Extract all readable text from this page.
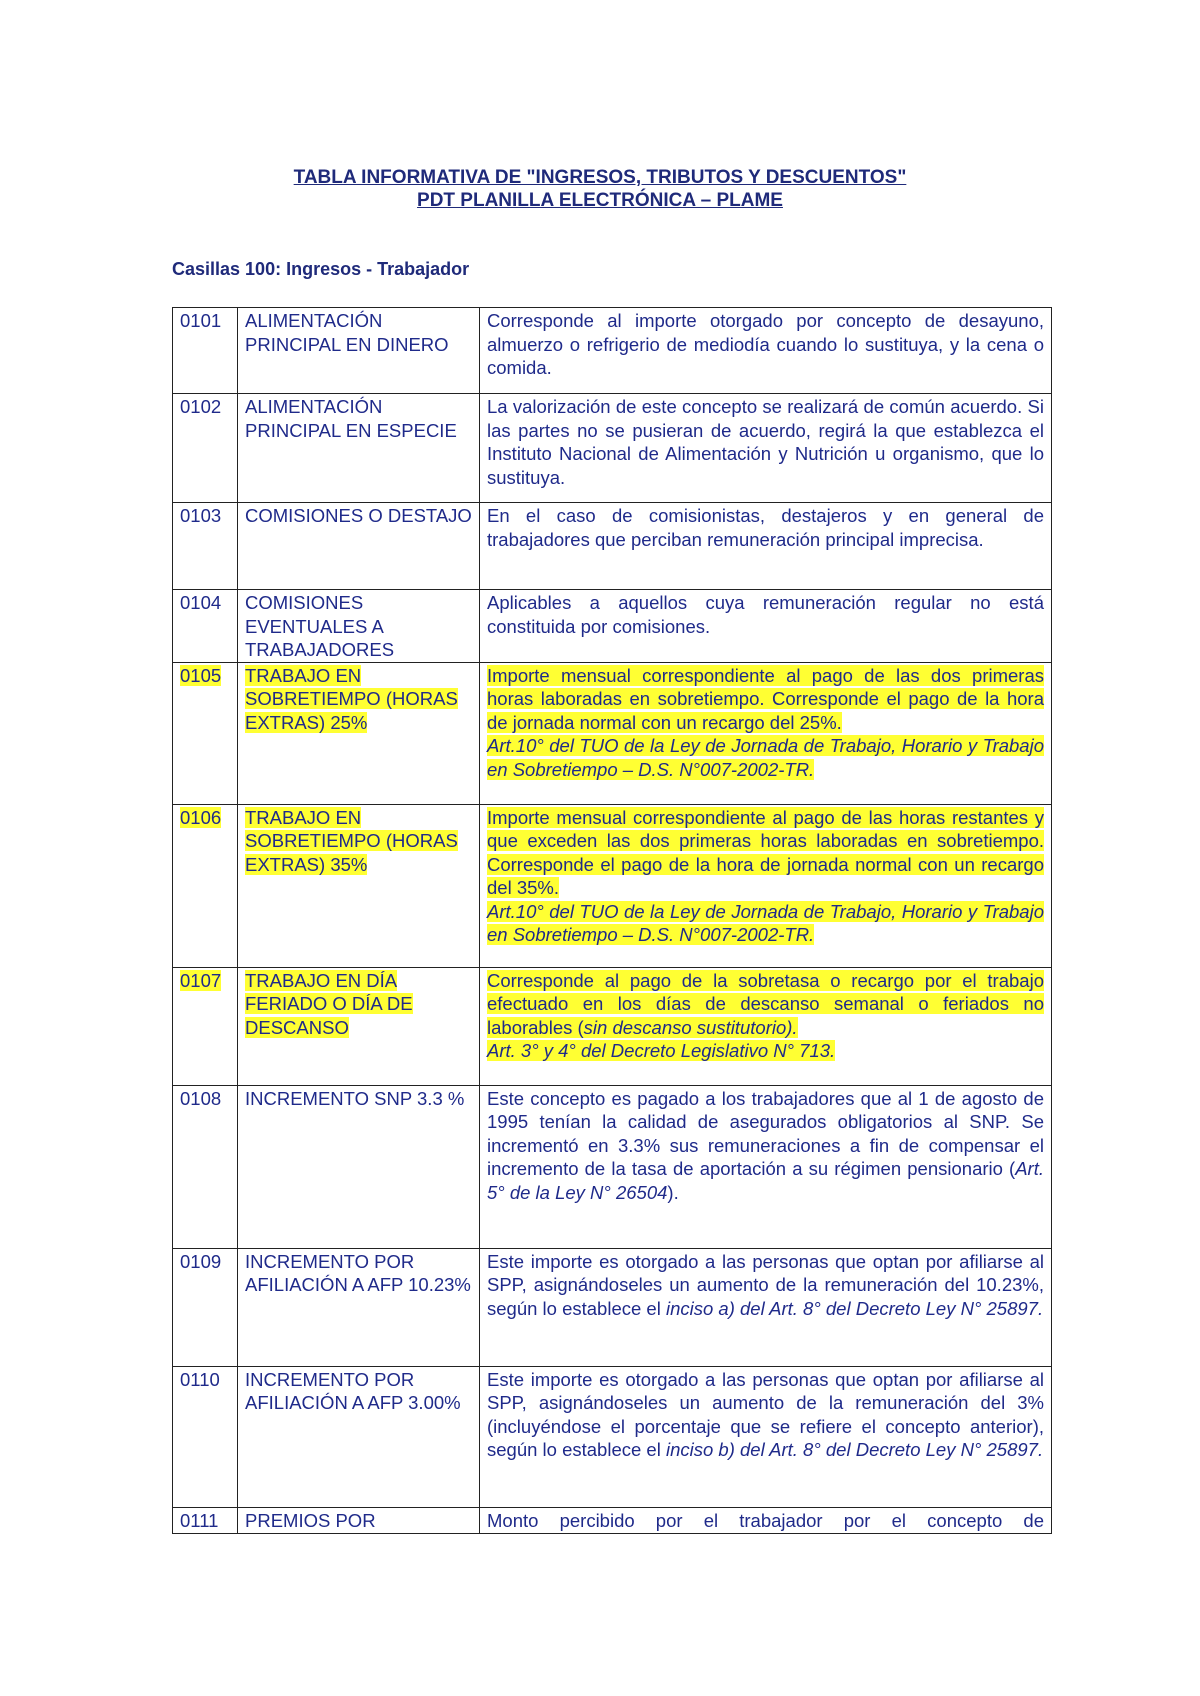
TABLA INFORMATIVA DE "INGRESOS, TRIBUTOS Y DESCUENTOS"
PDT PLANILLA ELECTRÓNICA – PLAME
Casillas 100: Ingresos - Trabajador
0101	ALIMENTACIÓN PRINCIPAL EN DINERO	Corresponde al importe otorgado por concepto de desayuno, almuerzo o refrigerio de mediodía cuando lo sustituya, y la cena o comida.
0102	ALIMENTACIÓN PRINCIPAL EN ESPECIE	La valorización de este concepto se realizará de común acuerdo. Si las partes no se pusieran de acuerdo, regirá la que establezca el Instituto Nacional de Alimentación y Nutrición u organismo, que lo sustituya.
0103	COMISIONES O DESTAJO	En el caso de comisionistas, destajeros y en general de trabajadores que perciban remuneración principal imprecisa.
0104	COMISIONES EVENTUALES A TRABAJADORES	Aplicables a aquellos cuya remuneración regular no está constituida por comisiones.
0105	TRABAJO EN SOBRETIEMPO (HORAS EXTRAS) 25%	Importe mensual correspondiente al pago de las dos primeras horas laboradas en sobretiempo. Corresponde el pago de la hora de jornada normal con un recargo del 25%.
Art.10° del TUO de la Ley de Jornada de Trabajo, Horario y Trabajo en Sobretiempo – D.S. N°007-2002-TR.
0106	TRABAJO EN SOBRETIEMPO (HORAS EXTRAS) 35%	Importe mensual correspondiente al pago de las horas restantes y que exceden las dos primeras horas laboradas en sobretiempo. Corresponde el pago de la hora de jornada normal con un recargo del 35%.
Art.10° del TUO de la Ley de Jornada de Trabajo, Horario y Trabajo en Sobretiempo – D.S. N°007-2002-TR.
0107	TRABAJO EN DÍA FERIADO O DÍA DE DESCANSO	Corresponde al pago de la sobretasa o recargo por el trabajo efectuado en los días de descanso semanal o feriados no laborables (sin descanso sustitutorio).
Art. 3° y 4° del Decreto Legislativo N° 713.
0108	INCREMENTO SNP 3.3 %	Este concepto es pagado a los trabajadores que al 1 de agosto de 1995 tenían la calidad de asegurados obligatorios al SNP. Se incrementó en 3.3% sus remuneraciones a fin de compensar el incremento de la tasa de aportación a su régimen pensionario (Art. 5° de la Ley N° 26504).
0109	INCREMENTO POR AFILIACIÓN A AFP 10.23%	Este importe es otorgado a las personas que optan por afiliarse al SPP, asignándoseles un aumento de la remuneración del 10.23%, según lo establece el inciso a) del Art. 8° del Decreto Ley N° 25897.
0110	INCREMENTO POR AFILIACIÓN A AFP 3.00%	Este importe es otorgado a las personas que optan por afiliarse al SPP, asignándoseles un aumento de la remuneración del 3% (incluyéndose el porcentaje que se refiere el concepto anterior), según lo establece el inciso b) del Art. 8° del Decreto Ley N° 25897.
0111	PREMIOS POR	Monto percibido por el trabajador por el concepto de
